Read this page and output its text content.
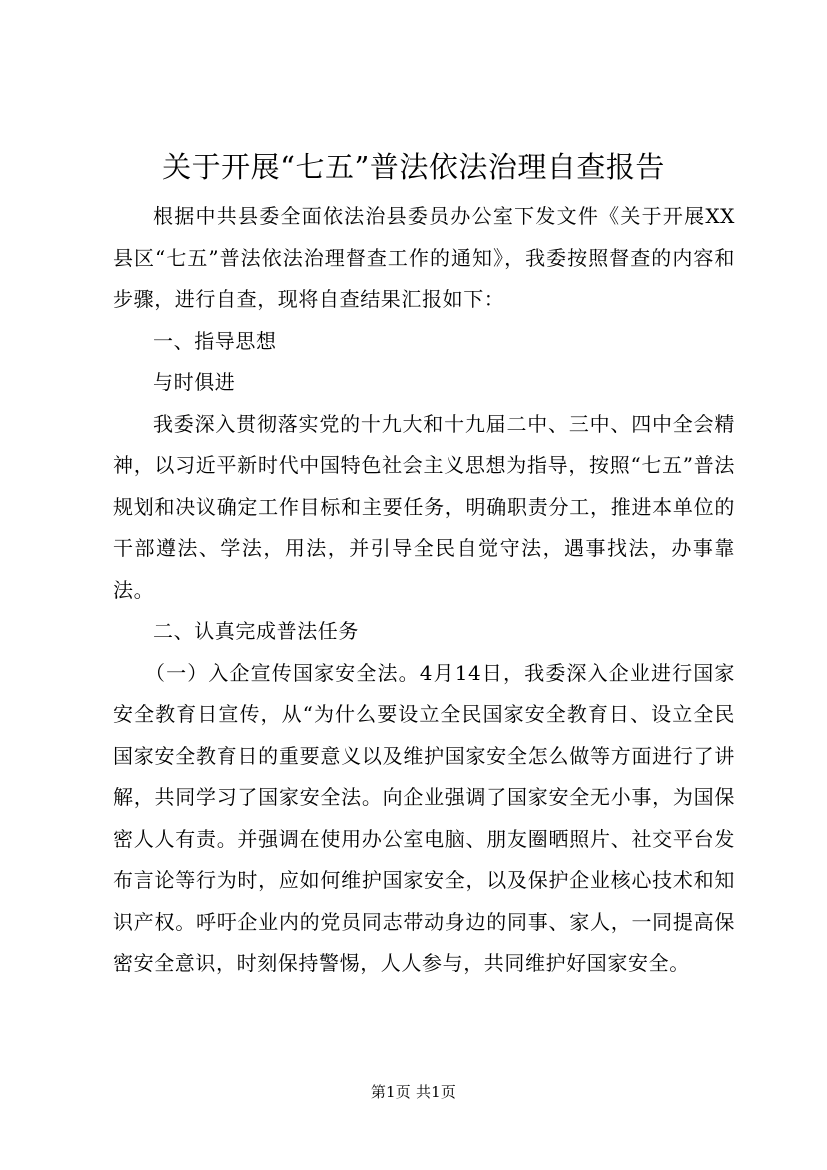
关于开展“七五”普法依法治理自查报告

根据中共县委全面依法治县委员办公室下发文件《关于开展XX县区“七五”普法依法治理督查工作的通知》，我委按照督查的内容和步骤，进行自查，现将自查结果汇报如下：

一、指导思想

与时俱进

我委深入贯彻落实党的十九大和十九届二中、三中、四中全会精神，以习近平新时代中国特色社会主义思想为指导，按照“七五”普法规划和决议确定工作目标和主要任务，明确职责分工，推进本单位的干部遵法、学法，用法，并引导全民自觉守法，遇事找法，办事靠法。

二、认真完成普法任务

（一）入企宣传国家安全法。4月14日，我委深入企业进行国家安全教育日宣传，从“为什么要设立全民国家安全教育日、设立全民国家安全教育日的重要意义以及维护国家安全怎么做等方面进行了讲解，共同学习了国家安全法。向企业强调了国家安全无小事，为国保密人人有责。并强调在使用办公室电脑、朋友圈晒照片、社交平台发布言论等行为时，应如何维护国家安全，以及保护企业核心技术和知识产权。呼吁企业内的党员同志带动身边的同事、家人，一同提高保密安全意识，时刻保持警惕，人人参与，共同维护好国家安全。

第1页 共1页
